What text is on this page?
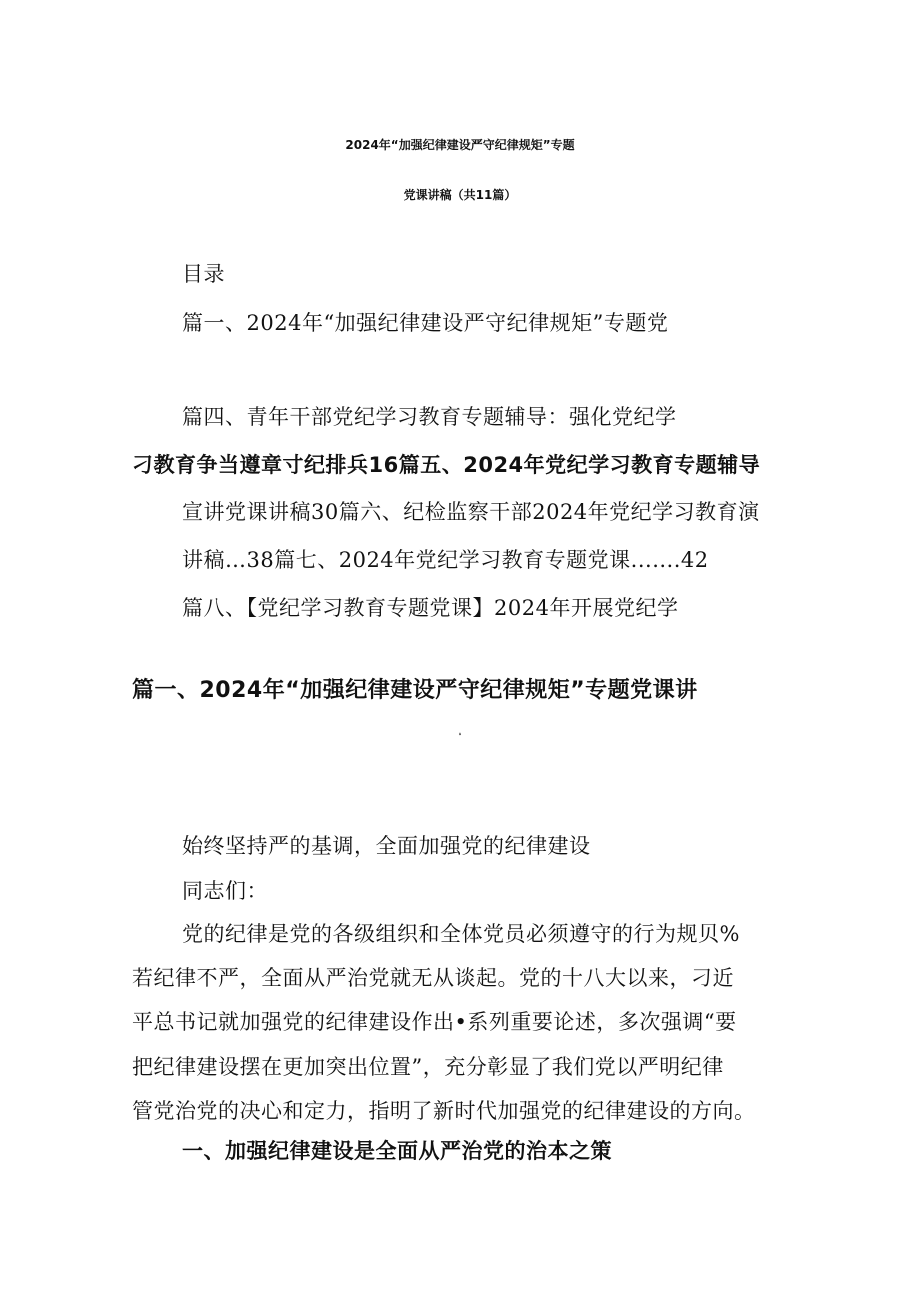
2024年“加强纪律建设严守纪律规矩”专题
党课讲稿（共11篇）
目录
篇一、2024年“加强纪律建设严守纪律规矩”专题党
篇四、青年干部党纪学习教育专题辅导：强化党纪学
刁教育争当遵章寸纪排兵16篇五、2024年党纪学习教育专题辅导
宣讲党课讲稿30篇六、纪检监察干部2024年党纪学习教育演
讲稿…38篇七、2024年党纪学习教育专题党课.......42
篇八、【党纪学习教育专题党课】2024年开展党纪学
篇一、2024年“加强纪律建设严守纪律规矩”专题党课讲
稿
始终坚持严的基调，全面加强党的纪律建设
同志们：
党的纪律是党的各级组织和全体党员必须遵守的行为规贝%
若纪律不严，全面从严治党就无从谈起。党的十八大以来，刁近
平总书记就加强党的纪律建设作出•系列重要论述，多次强调“要
把纪律建设摆在更加突出位置”，充分彰显了我们党以严明纪律
管党治党的决心和定力，指明了新时代加强党的纪律建设的方向。
一、加强纪律建设是全面从严治党的治本之策
